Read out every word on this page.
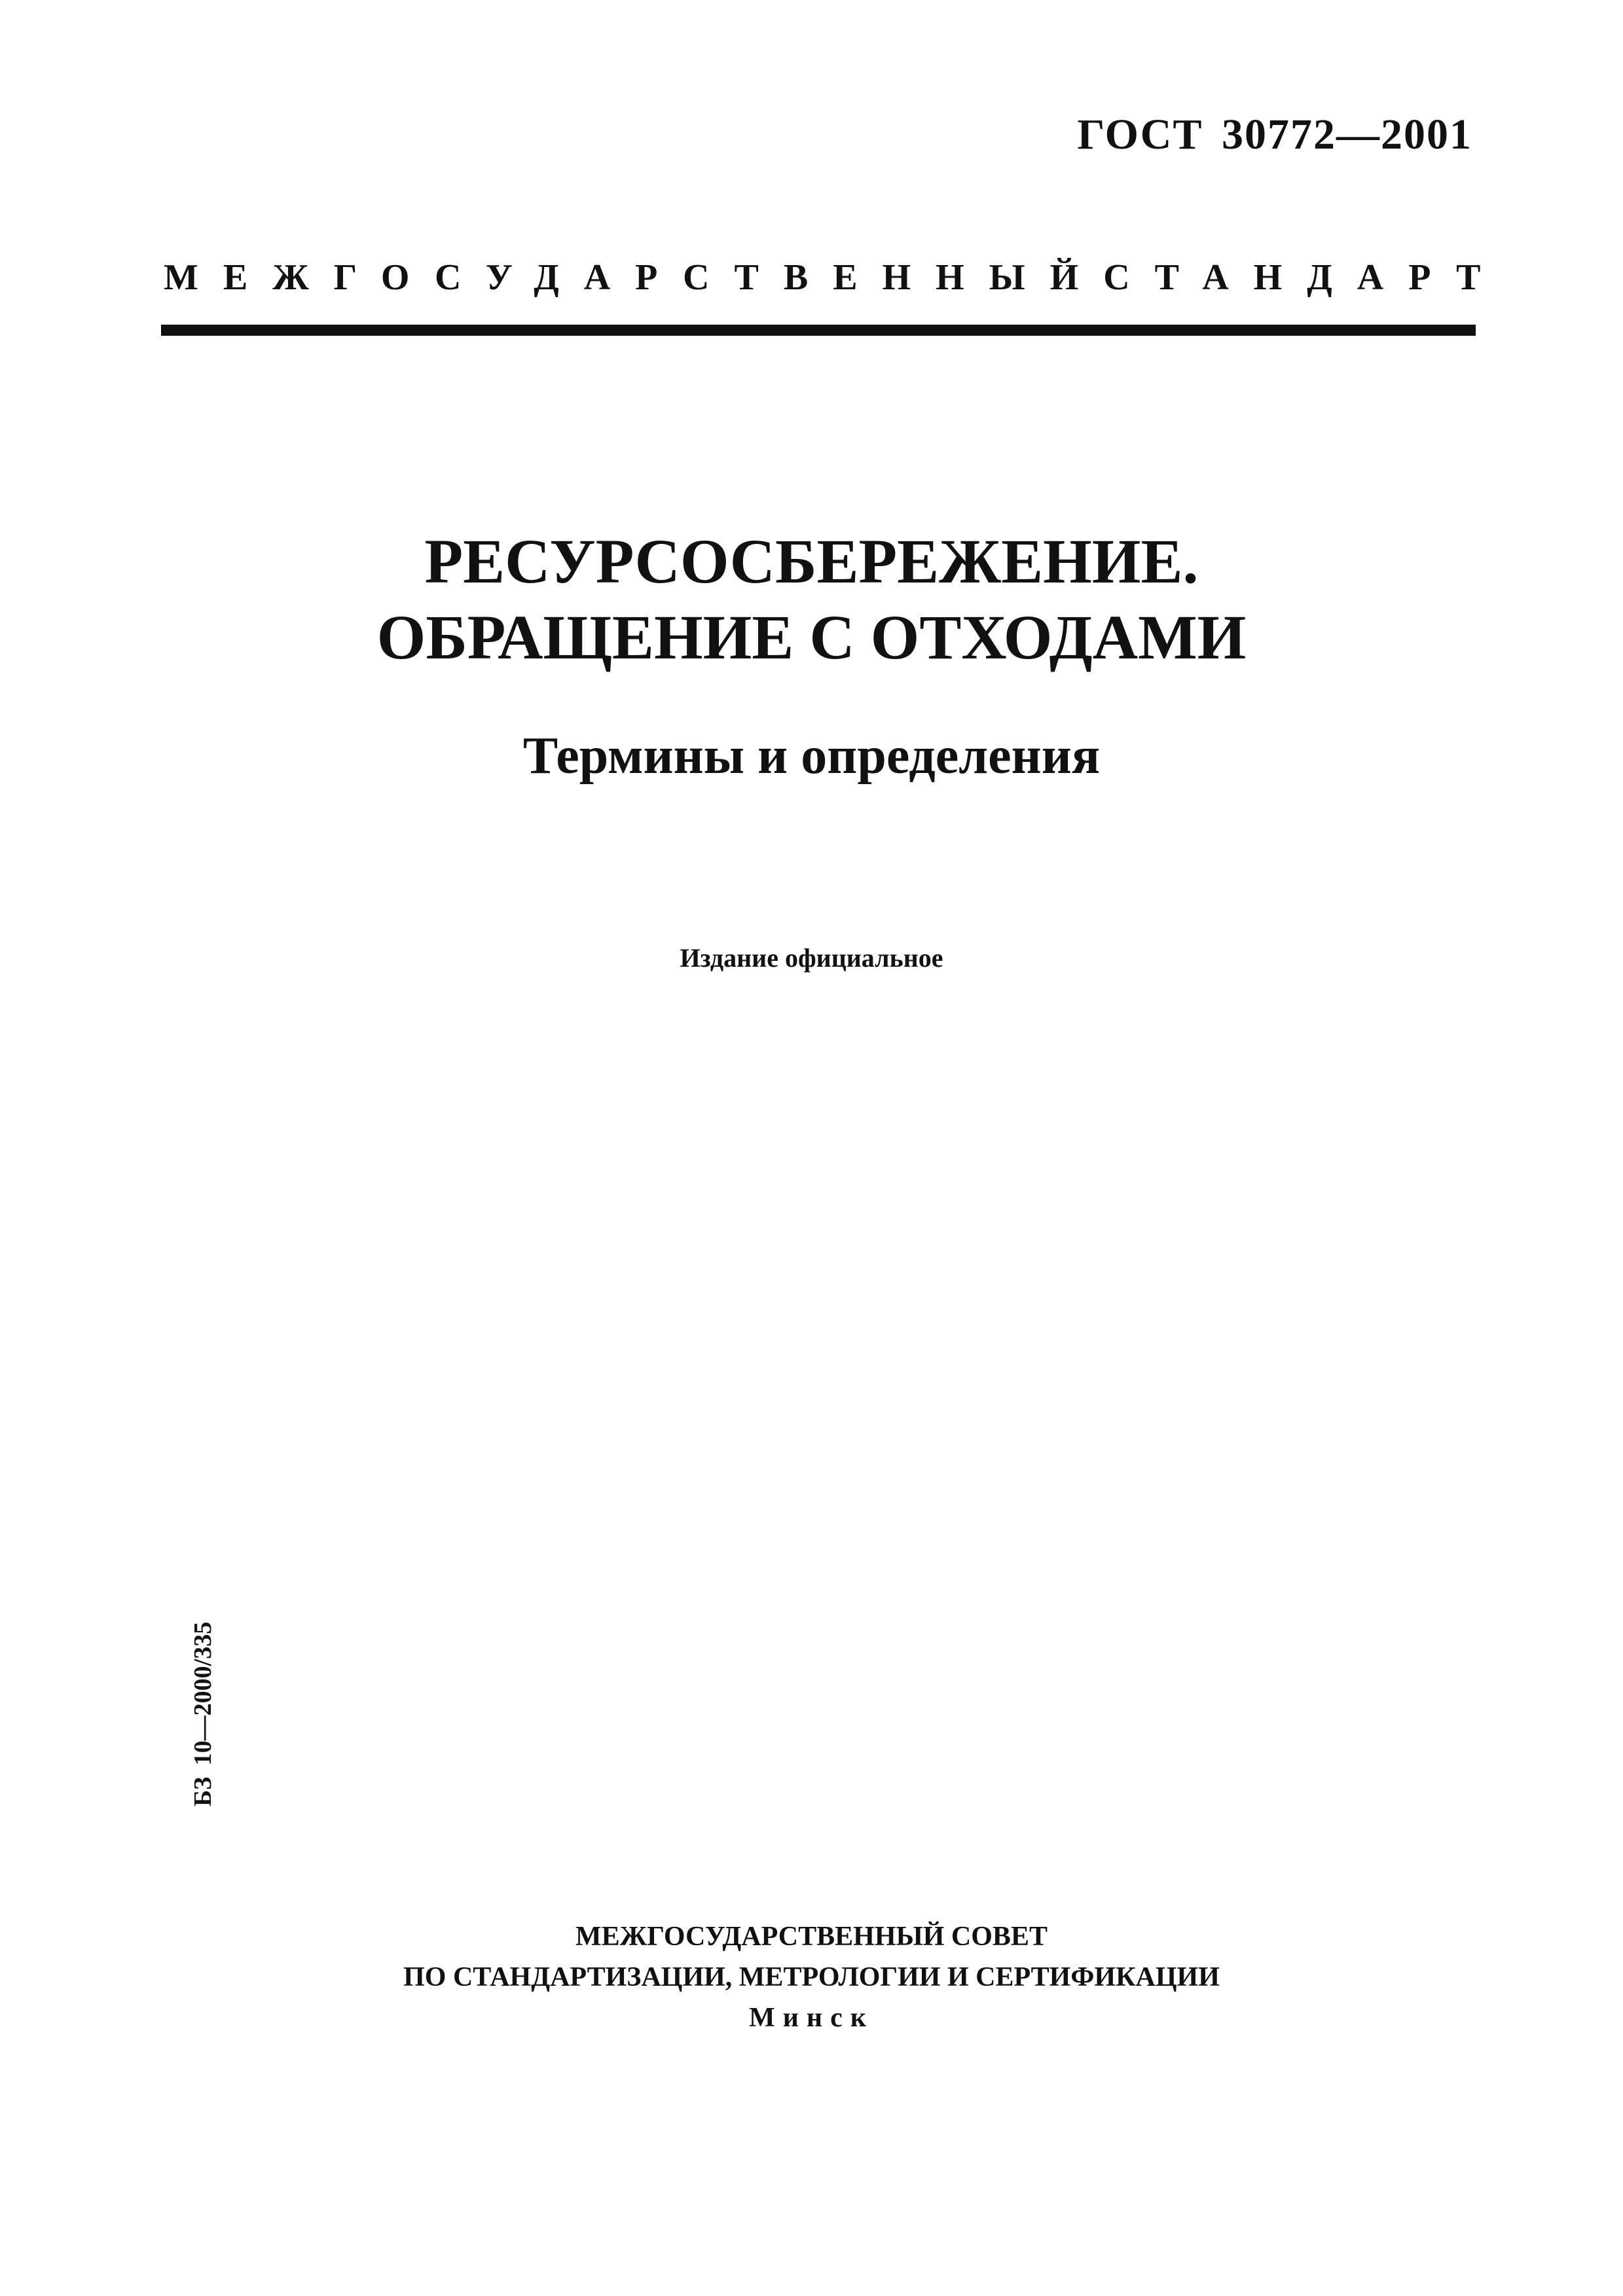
ГОСТ 30772—2001
МЕЖГОСУДАРСТВЕННЫЙ СТАНДАРТ
РЕСУРСОСБЕРЕЖЕНИЕ.
ОБРАЩЕНИЕ С ОТХОДАМИ
Термины и определения
Издание официальное
БЗ 10—2000/335
МЕЖГОСУДАРСТВЕННЫЙ СОВЕТ
ПО СТАНДАРТИЗАЦИИ, МЕТРОЛОГИИ И СЕРТИФИКАЦИИ
Минск
